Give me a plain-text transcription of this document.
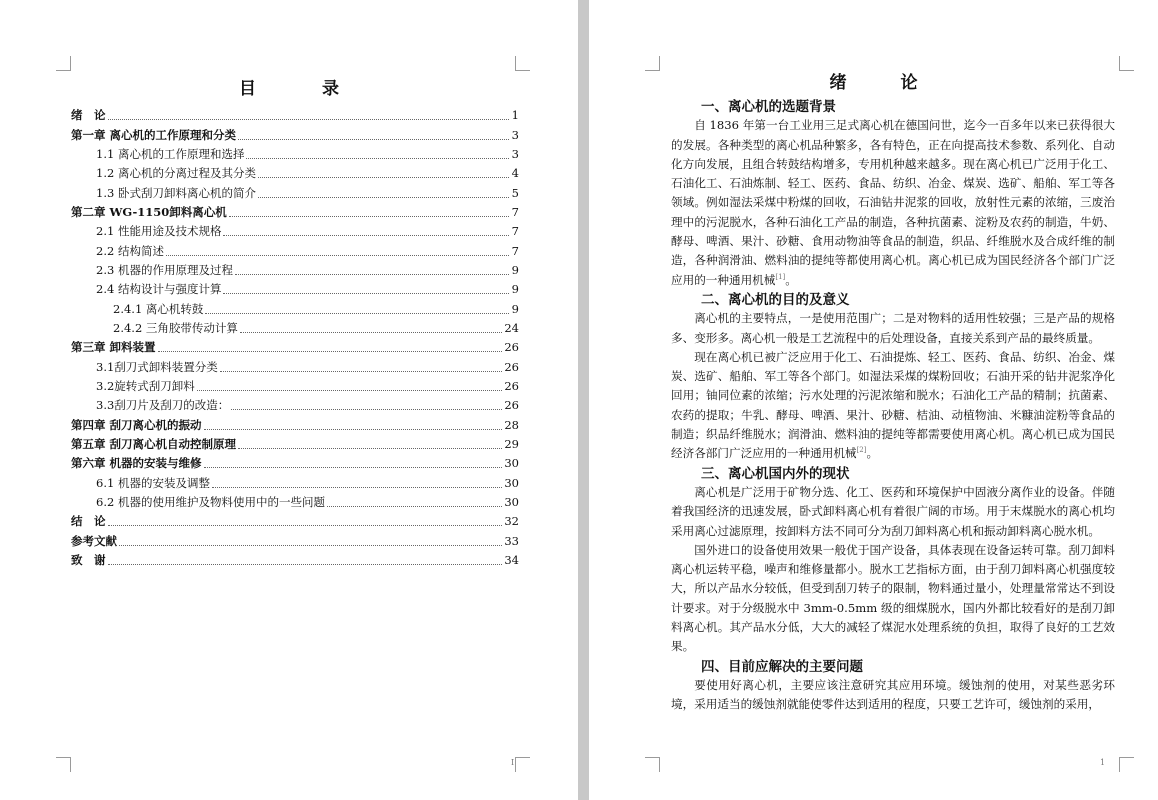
目 录
绪　论	1
第一章 离心机的工作原理和分类	3
1.1 离心机的工作原理和选择	3
1.2 离心机的分离过程及其分类	4
1.3 卧式刮刀卸料离心机的简介	5
第二章 WG-1150卸料离心机	7
2.1 性能用途及技术规格	7
2.2 结构简述	7
2.3 机器的作用原理及过程	9
2.4 结构设计与强度计算	9
2.4.1 离心机转鼓	9
2.4.2 三角胶带传动计算	24
第三章 卸料装置	26
3.1刮刀式卸料装置分类	26
3.2旋转式刮刀卸料	26
3.3刮刀片及刮刀的改造：	26
第四章 刮刀离心机的振动	28
第五章 刮刀离心机自动控制原理	29
第六章 机器的安装与维修	30
6.1 机器的安装及调整	30
6.2 机器的使用维护及物料使用中的一些问题	30
结　论	32
参考文献	33
致　谢	34
I
绪 论
一、离心机的选题背景

自 1836 年第一台工业用三足式离心机在德国问世，迄今一百多年以来已获得很大的发展。各种类型的离心机品种繁多，各有特色，正在向提高技术参数、系列化、自动化方向发展，且组合转鼓结构增多，专用机种越来越多。现在离心机已广泛用于化工、石油化工、石油炼制、轻工、医药、食品、纺织、冶金、煤炭、选矿、船舶、军工等各领域。例如湿法采煤中粉煤的回收，石油钻井泥浆的回收，放射性元素的浓缩，三废治理中的污泥脱水，各种石油化工产品的制造，各种抗菌素、淀粉及农药的制造，牛奶、酵母、啤酒、果汁、砂糖、食用动物油等食品的制造，织品、纤维脱水及合成纤维的制造，各种润滑油、燃料油的提纯等都使用离心机。离心机已成为国民经济各个部门广泛应用的一种通用机械[1]。

二、离心机的目的及意义

离心机的主要特点，一是使用范围广；二是对物料的适用性较强；三是产品的规格多、变形多。离心机一般是工艺流程中的后处理设备，直接关系到产品的最终质量。

现在离心机已被广泛应用于化工、石油提炼、轻工、医药、食品、纺织、冶金、煤炭、选矿、船舶、军工等各个部门。如湿法采煤的煤粉回收；石油开采的钻井泥浆净化回用；铀同位素的浓缩；污水处理的污泥浓缩和脱水；石油化工产品的精制；抗菌素、农药的提取；牛乳、酵母、啤酒、果汁、砂糖、桔油、动植物油、米糠油淀粉等食品的制造；织品纤维脱水；润滑油、燃料油的提纯等都需要使用离心机。离心机已成为国民经济各部门广泛应用的一种通用机械[2]。

三、离心机国内外的现状

离心机是广泛用于矿物分选、化工、医药和环境保护中固液分离作业的设备。伴随着我国经济的迅速发展，卧式卸料离心机有着很广阔的市场。用于末煤脱水的离心机均采用离心过滤原理，按卸料方法不同可分为刮刀卸料离心机和振动卸料离心脱水机。

国外进口的设备使用效果一般优于国产设备，具体表现在设备运转可靠。刮刀卸料离心机运转平稳，噪声和维修量都小。脱水工艺指标方面，由于刮刀卸料离心机强度较大，所以产品水分较低，但受到刮刀转子的限制，物料通过量小，处理量常常达不到设计要求。对于分级脱水中 3mm-0.5mm 级的细煤脱水，国内外都比较看好的是刮刀卸料离心机。其产品水分低，大大的减轻了煤泥水处理系统的负担，取得了良好的工艺效果。

四、目前应解决的主要问题

要使用好离心机，主要应该注意研究其应用环境。缓蚀剂的使用，对某些恶劣环境，采用适当的缓蚀剂就能使零件达到适用的程度，只要工艺许可，缓蚀剂的采用，

1
